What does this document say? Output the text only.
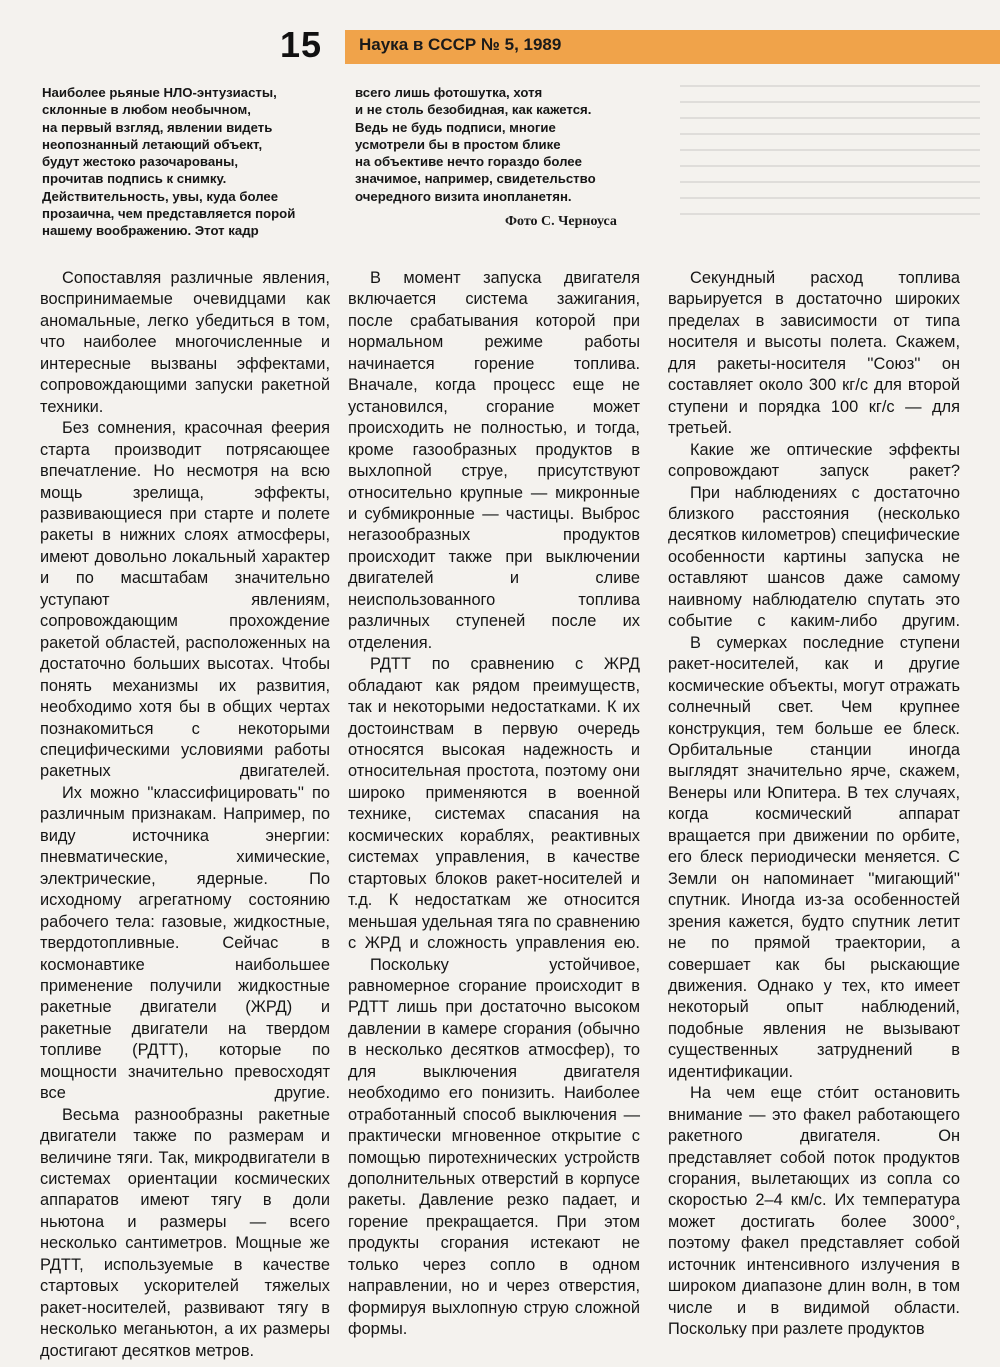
15 Наука в СССР № 5, 1989
Наиболее рьяные НЛО-энтузиасты,
склонные в любом необычном,
на первый взгляд, явлении видеть
неопознанный летающий объект,
будут жестоко разочарованы,
прочитав подпись к снимку.
Действительность, увы, куда более
прозаична, чем представляется порой
нашему воображению. Этот кадр
всего лишь фотошутка, хотя
и не столь безобидная, как кажется.
Ведь не будь подписи, многие
усмотрели бы в простом блике
на объективе нечто гораздо более
значимое, например, свидетельство
очередного визита инопланетян.
Фото С. Черноуса

Сопоставляя различные явления, воспринимаемые очевидцами как аномальные, легко убедиться в том, что наиболее многочисленные и интересные вызваны эффектами, сопровождающими запуски ракетной техники.

Без сомнения, красочная феерия старта производит потрясающее впечатление. Но несмотря на всю мощь зрелища, эффекты, развивающиеся при старте и полете ракеты в нижних слоях атмосферы, имеют довольно локальный характер и по масштабам значительно уступают явлениям, сопровождающим прохождение ракетой областей, расположенных на достаточно больших высотах. Чтобы понять механизмы их развития, необходимо хотя бы в общих чертах познакомиться с некоторыми специфическими условиями работы ракетных двигателей.

Их можно ''классифицировать'' по различным признакам. Например, по виду источника энергии: пневматические, химические, электрические, ядерные. По исходному агрегатному состоянию рабочего тела: газовые, жидкостные, твердотопливные. Сейчас в космонавтике наибольшее применение получили жидкостные ракетные двигатели (ЖРД) и ракетные двигатели на твердом топливе (РДТТ), которые по мощности значительно превосходят все другие.

Весьма разнообразны ракетные двигатели также по размерам и величине тяги. Так, микродвигатели в системах ориентации космических аппаратов имеют тягу в доли ньютона и размеры — всего несколько сантиметров. Мощные же РДТТ, используемые в качестве стартовых ускорителей тяжелых ракет-носителей, развивают тягу в несколько меганьютон, а их размеры достигают десятков метров.

В момент запуска двигателя включается система зажигания, после срабатывания которой при нормальном режиме работы начинается горение топлива. Вначале, когда процесс еще не установился, сгорание может происходить не полностью, и тогда, кроме газообразных продуктов в выхлопной струе, присутствуют относительно крупные — микронные и субмикронные — частицы. Выброс негазообразных продуктов происходит также при выключении двигателей и сливе неиспользованного топлива различных ступеней после их отделения.

РДТТ по сравнению с ЖРД обладают как рядом преимуществ, так и некоторыми недостатками. К их достоинствам в первую очередь относятся высокая надежность и относительная простота, поэтому они широко применяются в военной технике, системах спасания на космических кораблях, реактивных системах управления, в качестве стартовых блоков ракет-носителей и т.д. К недостаткам же относится меньшая удельная тяга по сравнению с ЖРД и сложность управления ею.

Поскольку устойчивое, равномерное сгорание происходит в РДТТ лишь при достаточно высоком давлении в камере сгорания (обычно в несколько десятков атмосфер), то для выключения двигателя необходимо его понизить. Наиболее отработанный способ выключения — практически мгновенное открытие с помощью пиротехнических устройств дополнительных отверстий в корпусе ракеты. Давление резко падает, и горение прекращается. При этом продукты сгорания истекают не только через сопло в одном направлении, но и через отверстия, формируя выхлопную струю сложной формы.

Секундный расход топлива варьируется в достаточно широких пределах в зависимости от типа носителя и высоты полета. Скажем, для ракеты-носителя ''Союз'' он составляет около 300 кг/с для второй ступени и порядка 100 кг/с — для третьей.

Какие же оптические эффекты сопровождают запуск ракет?

При наблюдениях с достаточно близкого расстояния (несколько десятков километров) специфические особенности картины запуска не оставляют шансов даже самому наивному наблюдателю спутать это событие с каким-либо другим.

В сумерках последние ступени ракет-носителей, как и другие космические объекты, могут отражать солнечный свет. Чем крупнее конструкция, тем больше ее блеск. Орбитальные станции иногда выглядят значительно ярче, скажем, Венеры или Юпитера. В тех случаях, когда космический аппарат вращается при движении по орбите, его блеск периодически меняется. С Земли он напоминает ''мигающий'' спутник. Иногда из-за особенностей зрения кажется, будто спутник летит не по прямой траектории, а совершает как бы рыскающие движения. Однако у тех, кто имеет некоторый опыт наблюдений, подобные явления не вызывают существенных затруднений в идентификации.

На чем еще стóит остановить внимание — это факел работающего ракетного двигателя. Он представляет собой поток продуктов сгорания, вылетающих из сопла со скоростью 2–4 км/с. Их температура может достигать более 3000°, поэтому факел представляет собой источник интенсивного излучения в широком диапазоне длин волн, в том числе и в видимой области. Поскольку при разлете продуктов
